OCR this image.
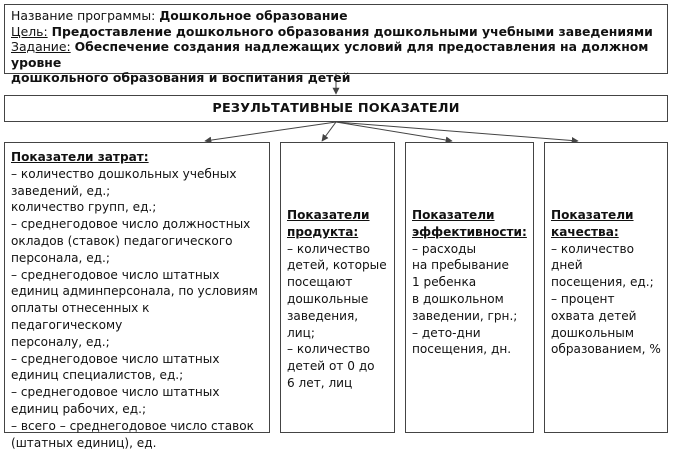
Название программы: Дошкольное образование
Цель: Предоставление дошкольного образования дошкольными учебными заведениями
Задание: Обеспечение создания надлежащих условий для предоставления на должном уровне
дошкольного образования и воспитания детей
РЕЗУЛЬТАТИВНЫЕ ПОКАЗАТЕЛИ
Показатели затрат:
– количество дошкольных учебных
заведений, ед.;
количество групп, ед.;
– среднегодовое число должностных
окладов (ставок) педагогического
персонала, ед.;
– среднегодовое число штатных
единиц админперсонала, по условиям
оплаты отнесенных к педагогическому
персоналу, ед.;
– среднегодовое число штатных
единиц специалистов, ед.;
– среднегодовое число штатных
единиц рабочих, ед.;
– всего – среднегодовое число ставок
(штатных единиц), ед.
Показатели
продукта:
– количество
детей, которые
посещают
дошкольные
заведения, лиц;
– количество
детей от 0 до
6 лет, лиц
Показатели
эффективности:
– расходы
на пребывание
1 ребенка
в дошкольном
заведении, грн.;
– дето-дни
посещения, дн.
Показатели
качества:
– количество
дней
посещения, ед.;
– процент
охвата детей
дошкольным
образованием, %
